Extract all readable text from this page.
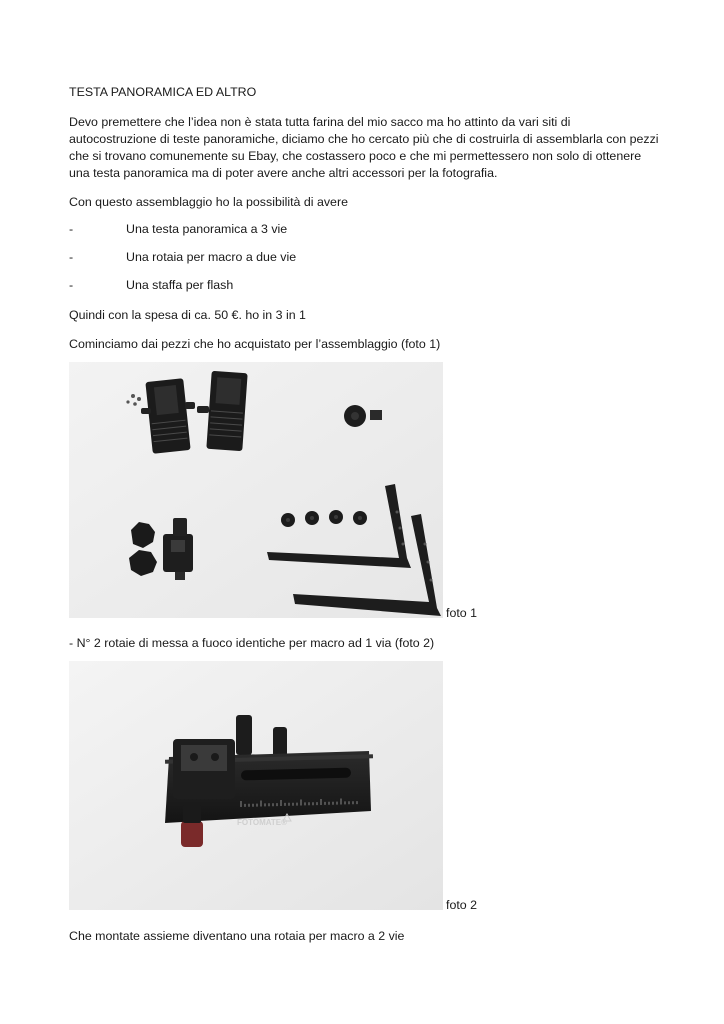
TESTA PANORAMICA ED ALTRO
Devo premettere che l’idea non è stata tutta farina del mio sacco ma ho attinto da vari siti di
autocostruzione di teste panoramiche, diciamo che ho cercato più che di costruirla di assemblarla con pezzi
che si trovano comunemente su Ebay, che costassero poco e che mi permettessero non solo di ottenere
una testa panoramica ma di poter avere anche altri accessori per la fotografia.
Con questo assemblaggio ho la possibilità di avere
-	Una testa panoramica a 3 vie
-	Una rotaia per macro a due vie
-	Una staffa per flash
Quindi con la spesa di ca. 50 €. ho in 3 in 1
Cominciamo dai pezzi che ho acquistato per l’assemblaggio (foto 1)
foto 1
- N° 2 rotaie di messa a fuoco identiche per macro ad 1 via (foto 2)
FOTOMATE®
foto 2
Che montate assieme diventano una rotaia per macro a 2 vie
